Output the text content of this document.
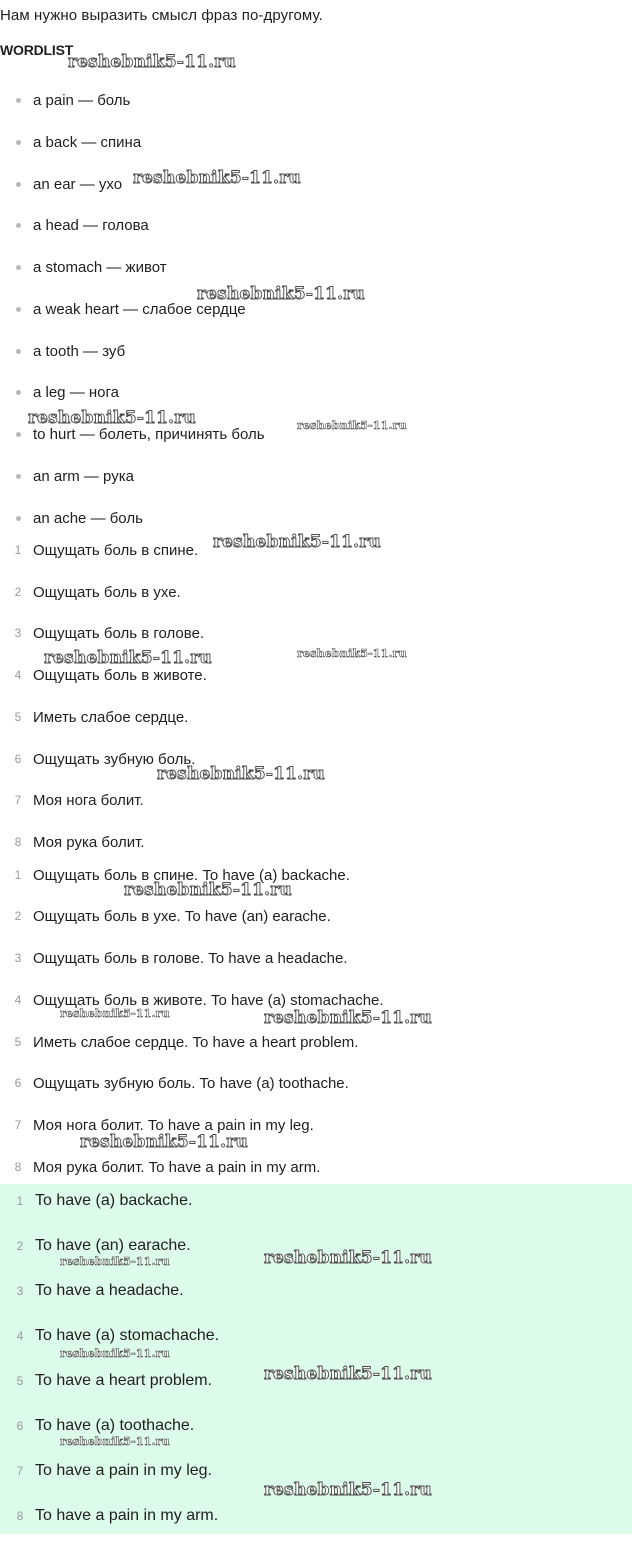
Нам нужно выразить смысл фраз по-другому.
WORDLIST
a pain — боль
a back — спина
an ear — ухо
a head — голова
a stomach — живот
a weak heart — слабое сердце
a tooth — зуб
a leg — нога
to hurt — болеть, причинять боль
an arm — рука
an ache — боль
1 Ощущать боль в спине.
2 Ощущать боль в ухе.
3 Ощущать боль в голове.
4 Ощущать боль в животе.
5 Иметь слабое сердце.
6 Ощущать зубную боль.
7 Моя нога болит.
8 Моя рука болит.
1 Ощущать боль в спине. To have (a) backache.
2 Ощущать боль в ухе. To have (an) earache.
3 Ощущать боль в голове. To have a headache.
4 Ощущать боль в животе. To have (a) stomachache.
5 Иметь слабое сердце. To have a heart problem.
6 Ощущать зубную боль. To have (a) toothache.
7 Моя нога болит. To have a pain in my leg.
8 Моя рука болит. To have a pain in my arm.
1 To have (a) backache.
2 To have (an) earache.
3 To have a headache.
4 To have (a) stomachache.
5 To have a heart problem.
6 To have (a) toothache.
7 To have a pain in my leg.
8 To have a pain in my arm.
reshebnik5-11.ru
reshebnik5-11.ru
reshebnik5-11.ru
reshebnik5-11.ru	reshebnik5-11.ru
reshebnik5-11.ru
reshebnik5-11.ru	reshebnik5-11.ru
reshebnik5-11.ru
reshebnik5-11.ru
reshebnik5-11.ru	reshebnik5-11.ru
reshebnik5-11.ru
reshebnik5-11.ru	reshebnik5-11.ru
reshebnik5-11.ru
reshebnik5-11.ru
reshebnik5-11.ru
reshebnik5-11.ru
